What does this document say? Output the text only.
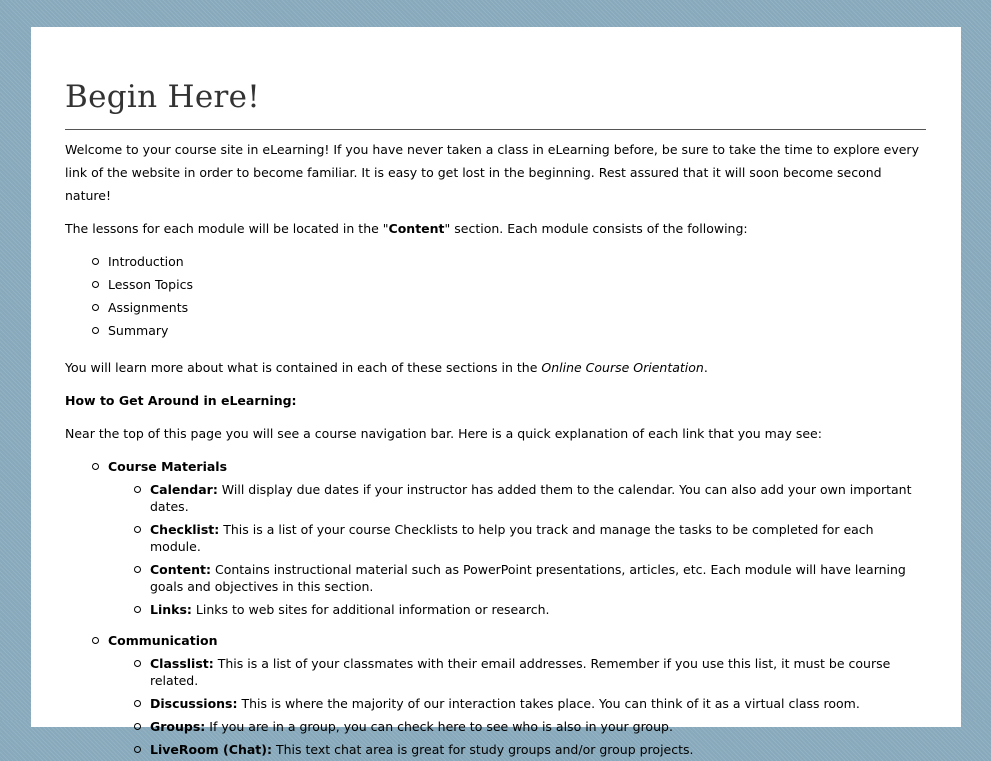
Begin Here!

Welcome to your course site in eLearning! If you have never taken a class in eLearning before, be sure to take the time to explore every link of the website in order to become familiar. It is easy to get lost in the beginning. Rest assured that it will soon become second nature!

The lessons for each module will be located in the "Content" section. Each module consists of the following:

Introduction
Lesson Topics
Assignments
Summary

You will learn more about what is contained in each of these sections in the Online Course Orientation.

How to Get Around in eLearning:

Near the top of this page you will see a course navigation bar. Here is a quick explanation of each link that you may see:

Course Materials
Calendar: Will display due dates if your instructor has added them to the calendar. You can also add your own important dates.
Checklist: This is a list of your course Checklists to help you track and manage the tasks to be completed for each module.
Content: Contains instructional material such as PowerPoint presentations, articles, etc. Each module will have learning goals and objectives in this section.
Links: Links to web sites for additional information or research.
Communication
Classlist: This is a list of your classmates with their email addresses. Remember if you use this list, it must be course related.
Discussions: This is where the majority of our interaction takes place. You can think of it as a virtual class room.
Groups: If you are in a group, you can check here to see who is also in your group.
LiveRoom (Chat): This text chat area is great for study groups and/or group projects.
